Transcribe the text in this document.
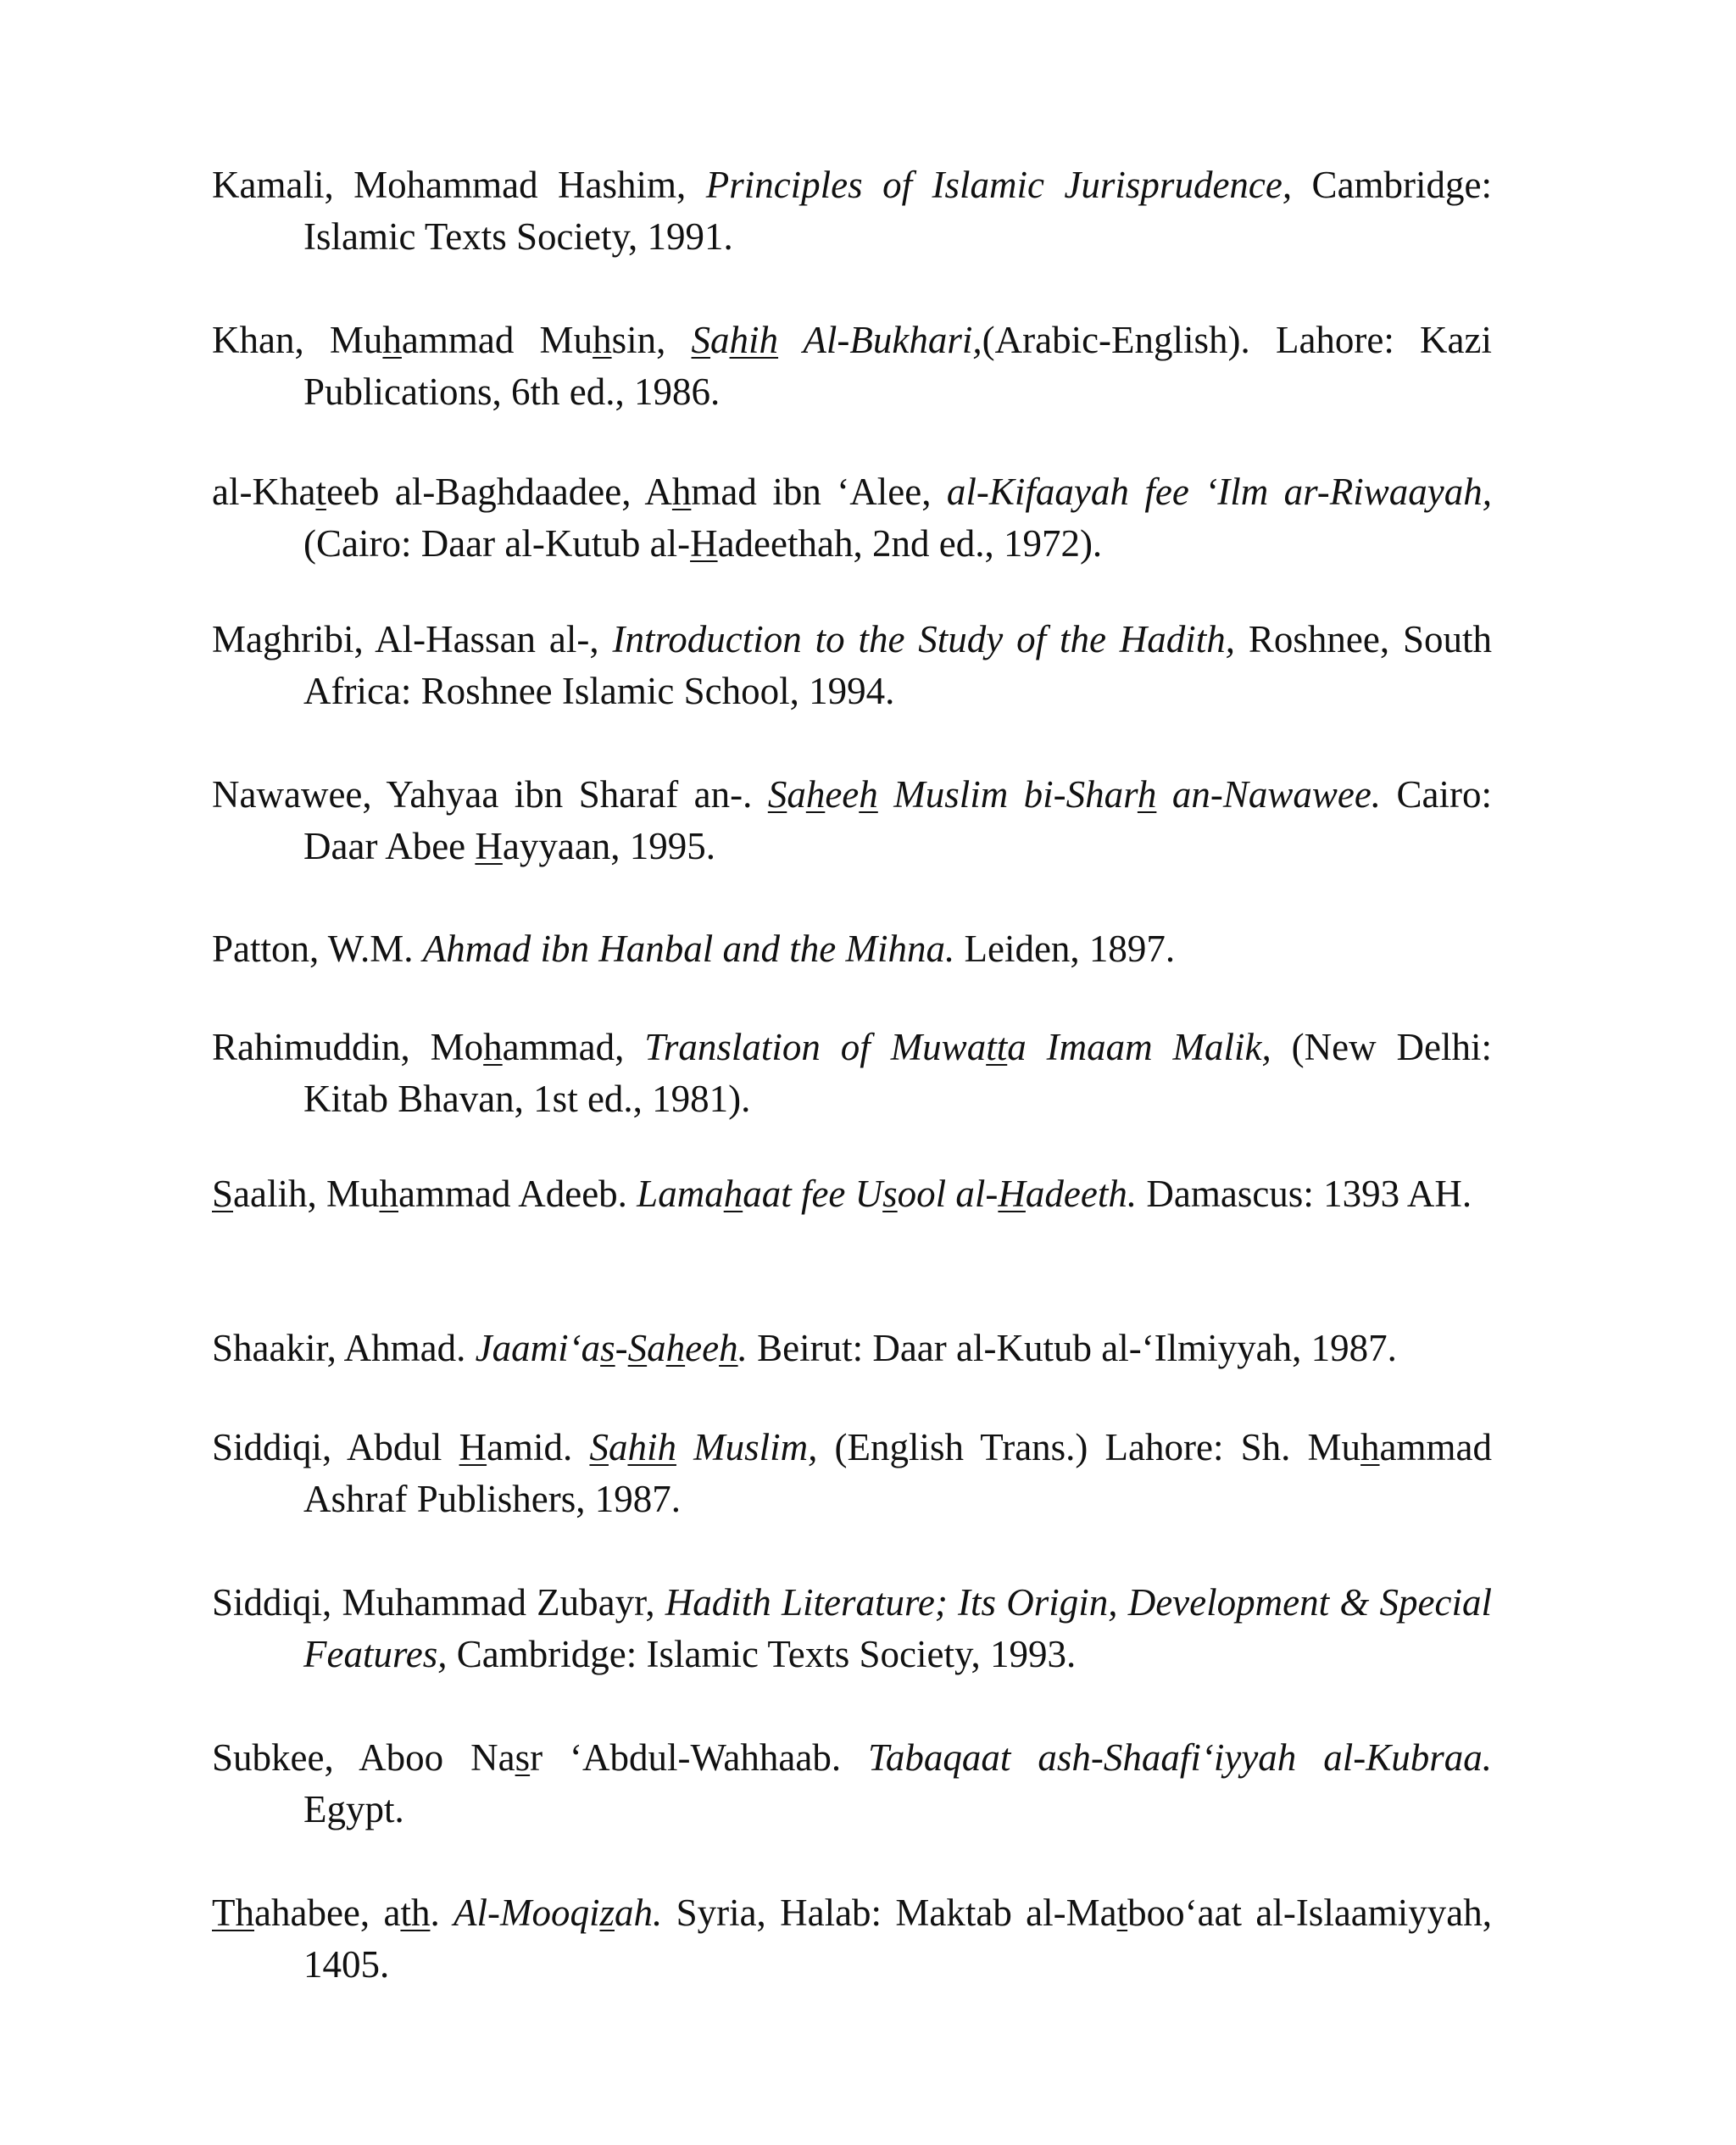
Kamali, Mohammad Hashim, Principles of Islamic Jurisprudence, Cambridge: Islamic Texts Society, 1991.

Khan, Muhammad Muhsin, Sahih Al-Bukhari,(Arabic-English). Lahore: Kazi Publications, 6th ed., 1986.

al-Khateeb al-Baghdaadee, Ahmad ibn ‘Alee, al-Kifaayah fee ‘Ilm ar-Riwaayah, (Cairo: Daar al-Kutub al-Hadeethah, 2nd ed., 1972).

Maghribi, Al-Hassan al-, Introduction to the Study of the Hadith, Roshnee, South Africa: Roshnee Islamic School, 1994.

Nawawee, Yahyaa ibn Sharaf an-. Saheeh Muslim bi-Sharh an-Nawawee. Cairo: Daar Abee Hayyaan, 1995.

Patton, W.M. Ahmad ibn Hanbal and the Mihna. Leiden, 1897.

Rahimuddin, Mohammad, Translation of Muwatta Imaam Malik, (New Delhi: Kitab Bhavan, 1st ed., 1981).

Saalih, Muhammad Adeeb. Lamahaat fee Usool al-Hadeeth. Damascus: 1393 AH.

Shaakir, Ahmad. Jaami‘as-Saheeh. Beirut: Daar al-Kutub al-‘Ilmiyyah, 1987.

Siddiqi, Abdul Hamid. Sahih Muslim, (English Trans.) Lahore: Sh. Muhammad Ashraf Publishers, 1987.

Siddiqi, Muhammad Zubayr, Hadith Literature; Its Origin, Development & Special Features, Cambridge: Islamic Texts Society, 1993.

Subkee, Aboo Nasr ‘Abdul-Wahhaab. Tabaqaat ash-Shaafi‘iyyah al-Kubraa. Egypt.

Thahabee, ath. Al-Mooqizah. Syria, Halab: Maktab al-Matboo‘aat al-Islaamiyyah, 1405.
